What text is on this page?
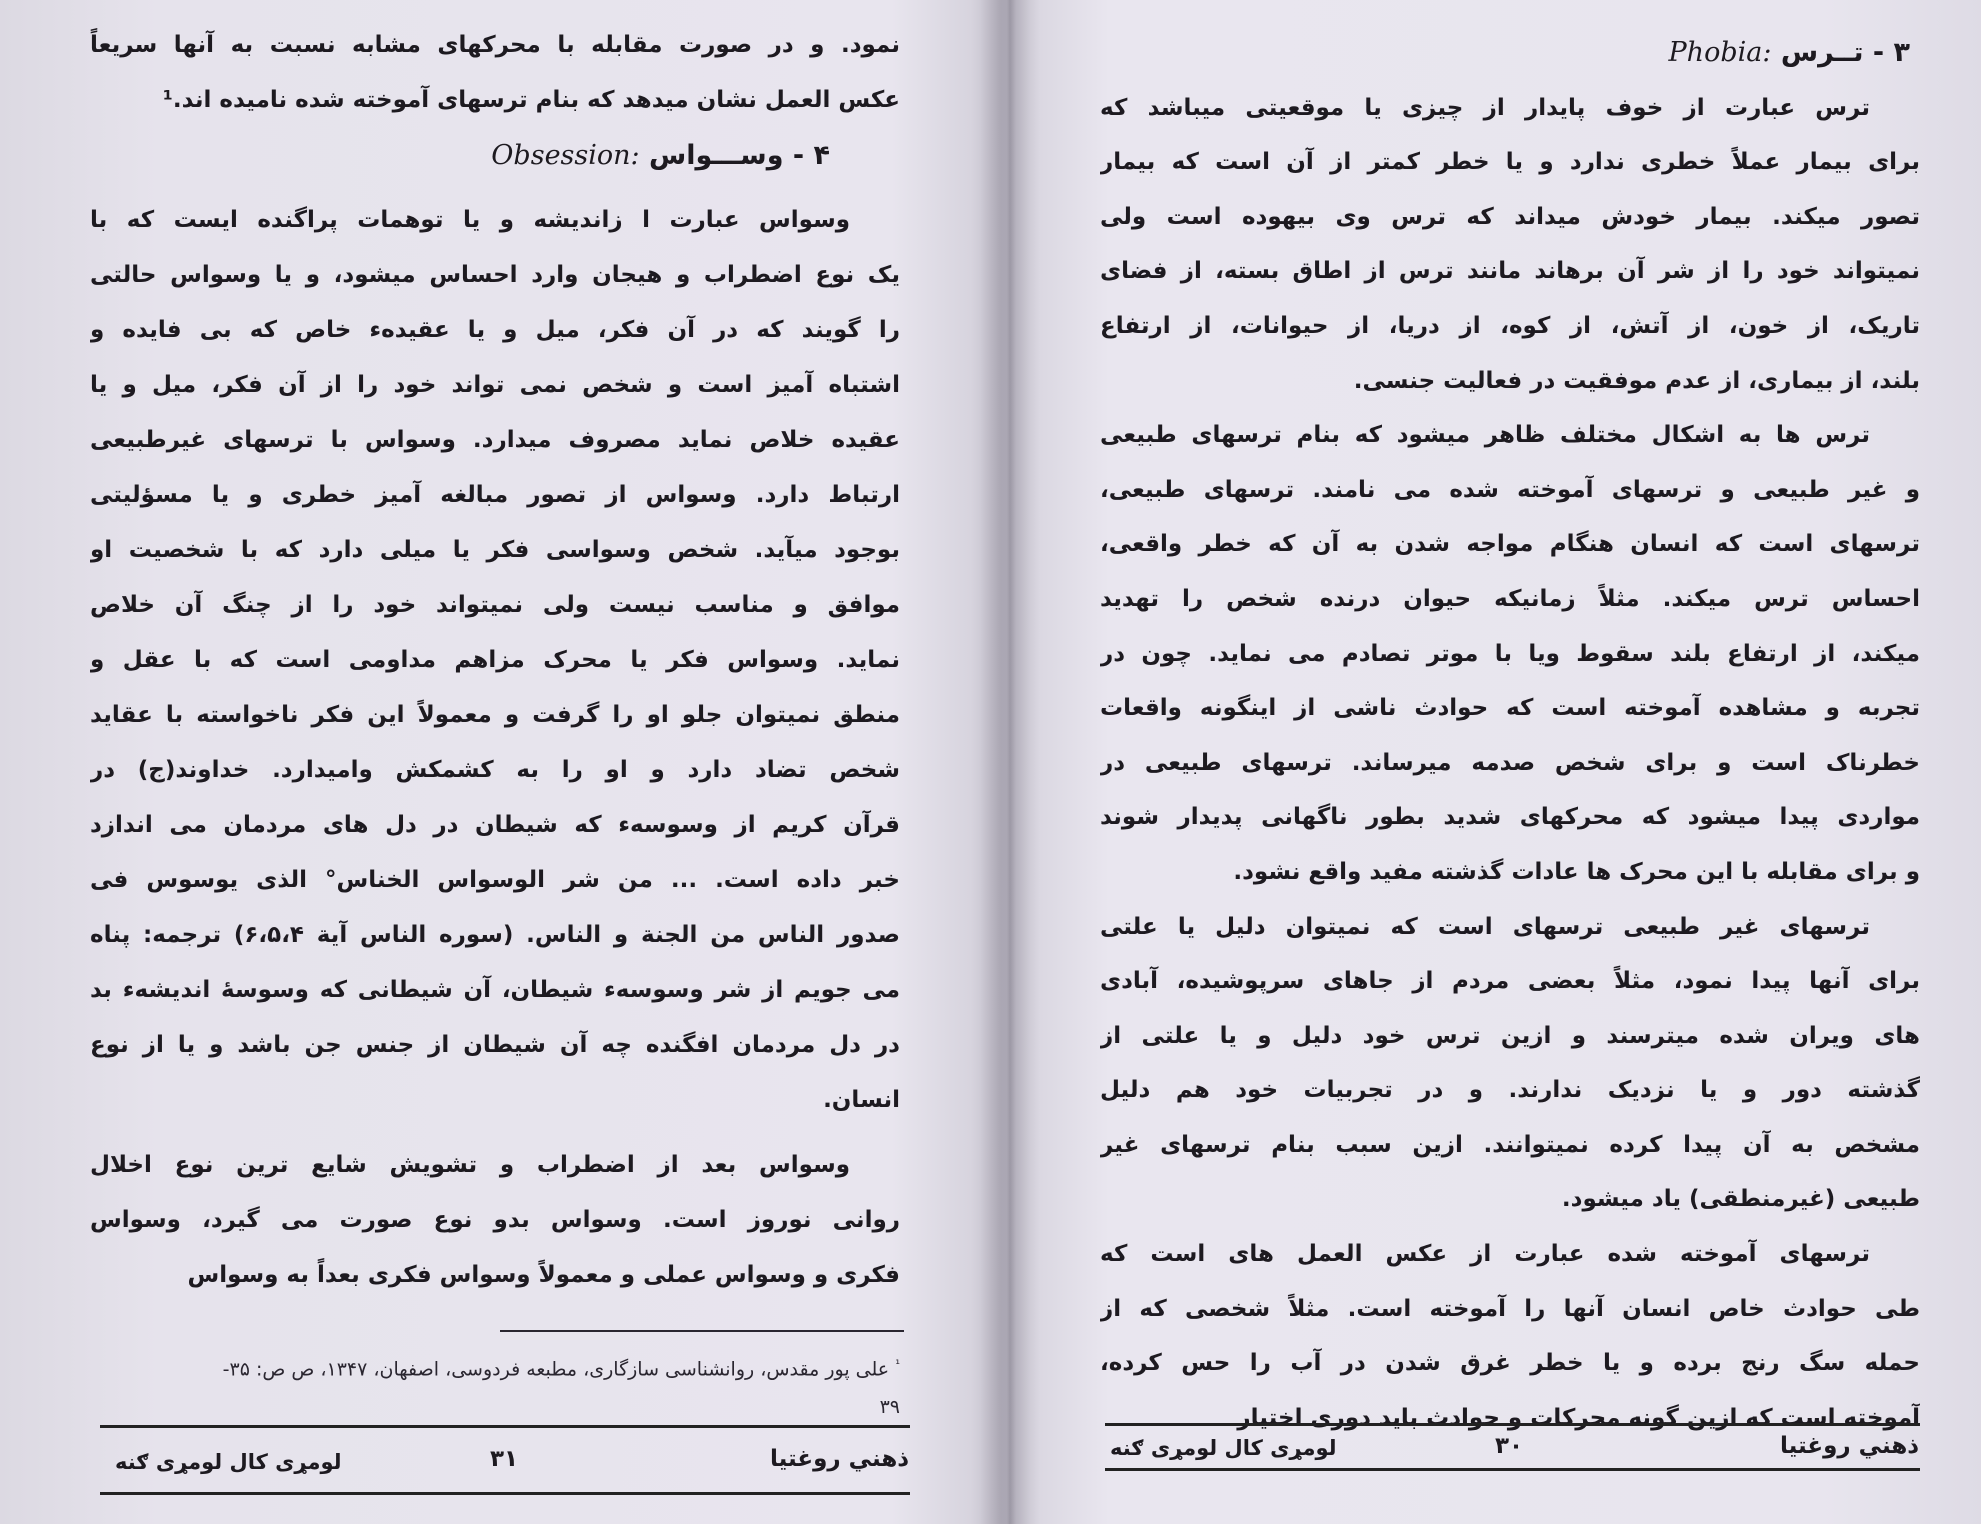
نمود. و در صورت مقابله با محرکهای مشابه نسبت به آنها سریعاً
عکس العمل نشان میدهد که بنام ترسهای آموخته شده نامیده اند.¹
۴ - وســـواس Obsession:
وسواس عبارت ا زاندیشه و یا توهمات پراگنده ایست که با
یک نوع اضطراب و هیجان وارد احساس میشود، و یا وسواس حالتی
را گویند که در آن فکر، میل و یا عقیدهء خاص که بی فایده و
اشتباه آمیز است و شخص نمی تواند خود را از آن فکر، میل و یا
عقیده خلاص نماید مصروف میدارد. وسواس با ترسهای غیرطبیعی
ارتباط دارد. وسواس از تصور مبالغه آمیز خطری و یا مسؤلیتی
بوجود میآید. شخص وسواسی فکر یا میلی دارد که با شخصیت او
موافق و مناسب نیست ولی نمیتواند خود را از چنگ آن خلاص
نماید. وسواس فکر یا محرک مزاهم مداومی است که با عقل و
منطق نمیتوان جلو او را گرفت و معمولاً این فکر ناخواسته با عقاید
شخص تضاد دارد و او را به کشمکش وامیدارد. خداوند(ج) در
قرآن کریم از وسوسهء که شیطان در دل های مردمان می اندازد
خبر داده است. ... من شر الوسواس الخناس° الذی یوسوس فی
صدور الناس من الجنة و الناس. (سوره الناس آیة ۶،۵،۴) ترجمه: پناه
می جویم از شر وسوسهء شیطان، آن شیطانی که وسوسۀ اندیشهء بد
در دل مردمان افگنده چه آن شیطان از جنس جن باشد و یا از نوع
انسان.
وسواس بعد از اضطراب و تشویش شایع ترین نوع اخلال
روانی نوروز است. وسواس بدو نوع صورت می گیرد، وسواس
فکری و وسواس عملی و معمولاً وسواس فکری بعداً به وسواس
$^{^1}$ علی پور مقدس، روانشناسی سازگاری، مطبعه فردوسی، اصفهان، ۱۳۴۷، ص ص: ۳۵-
۳۹
ذهني روغتيا
۳۱
لومړی کال لومړی ګنه
۳ - تــرس Phobia:
ترس عبارت از خوف پایدار از چیزی یا موقعیتی میباشد که
برای بیمار عملاً خطری ندارد و یا خطر کمتر از آن است که بیمار
تصور میکند. بیمار خودش میداند که ترس وی بیهوده است ولی
نمیتواند خود را از شر آن برهاند مانند ترس از اطاق بسته، از فضای
تاریک، از خون، از آتش، از کوه، از دریا، از حیوانات، از ارتفاع
بلند، از بیماری، از عدم موفقیت در فعالیت جنسی.
ترس ها به اشکال مختلف ظاهر میشود که بنام ترسهای طبیعی
و غیر طبیعی و ترسهای آموخته شده می نامند. ترسهای طبیعی،
ترسهای است که انسان هنگام مواجه شدن به آن که خطر واقعی،
احساس ترس میکند. مثلاً زمانیکه حیوان درنده شخص را تهدید
میکند، از ارتفاع بلند سقوط ویا با موتر تصادم می نماید. چون در
تجربه و مشاهده آموخته است که حوادث ناشی از اینگونه واقعات
خطرناک است و برای شخص صدمه میرساند. ترسهای طبیعی در
مواردی پیدا میشود که محرکهای شدید بطور ناگهانی پدیدار شوند
و برای مقابله با این محرک ها عادات گذشته مفید واقع نشود.
ترسهای غیر طبیعی ترسهای است که نمیتوان دلیل یا علتی
برای آنها پیدا نمود، مثلاً بعضی مردم از جاهای سرپوشیده، آبادی
های ویران شده میترسند و ازین ترس خود دلیل و یا علتی از
گذشته دور و یا نزدیک ندارند. و در تجربیات خود هم دلیل
مشخص به آن پیدا کرده نمیتوانند. ازین سبب بنام ترسهای غیر
طبیعی (غیرمنطقی) یاد میشود.
ترسهای آموخته شده عبارت از عکس العمل های است که
طی حوادث خاص انسان آنها را آموخته است. مثلاً شخصی که از
حمله سگ رنج برده و یا خطر غرق شدن در آب را حس کرده،
آموخته است که ازین گونه محرکات و حوادث باید دوری اختیار
ذهني روغتيا
۳۰
لومړی کال لومړی ګنه
